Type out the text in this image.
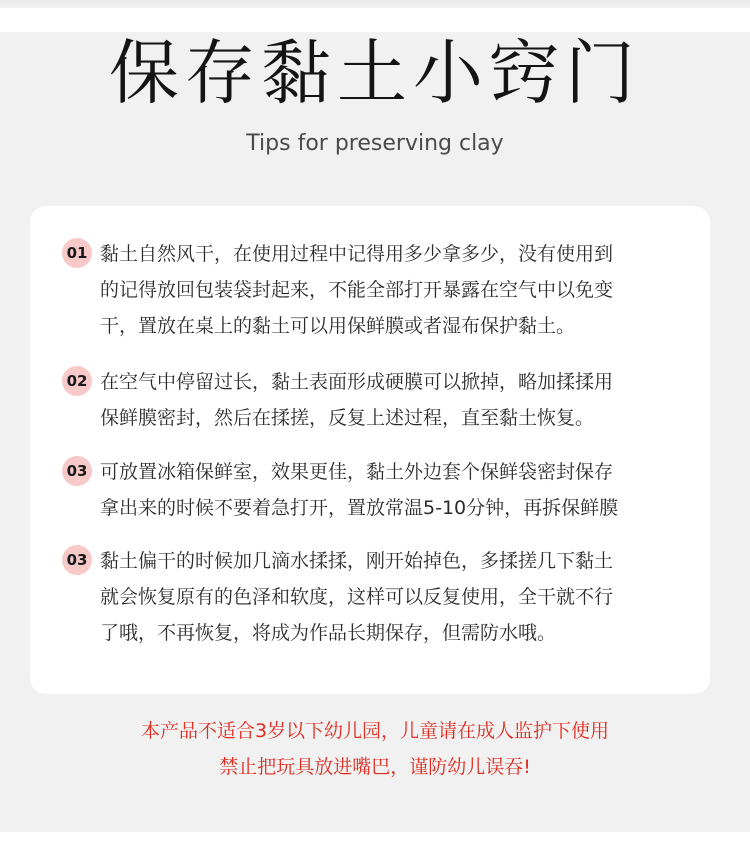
保存黏土小窍门
Tips for preserving clay
01 黏土自然风干，在使用过程中记得用多少拿多少，没有使用到
的记得放回包装袋封起来，不能全部打开暴露在空气中以免变
干，置放在桌上的黏土可以用保鲜膜或者湿布保护黏土。
02 在空气中停留过长，黏土表面形成硬膜可以掀掉，略加揉揉用
保鲜膜密封，然后在揉搓，反复上述过程，直至黏土恢复。
03 可放置冰箱保鲜室，效果更佳，黏土外边套个保鲜袋密封保存
拿出来的时候不要着急打开，置放常温5-10分钟，再拆保鲜膜
03 黏土偏干的时候加几滴水揉揉，刚开始掉色，多揉搓几下黏土
就会恢复原有的色泽和软度，这样可以反复使用，全干就不行
了哦，不再恢复，将成为作品长期保存，但需防水哦。
本产品不适合3岁以下幼儿园，儿童请在成人监护下使用
禁止把玩具放进嘴巴，谨防幼儿误吞!
